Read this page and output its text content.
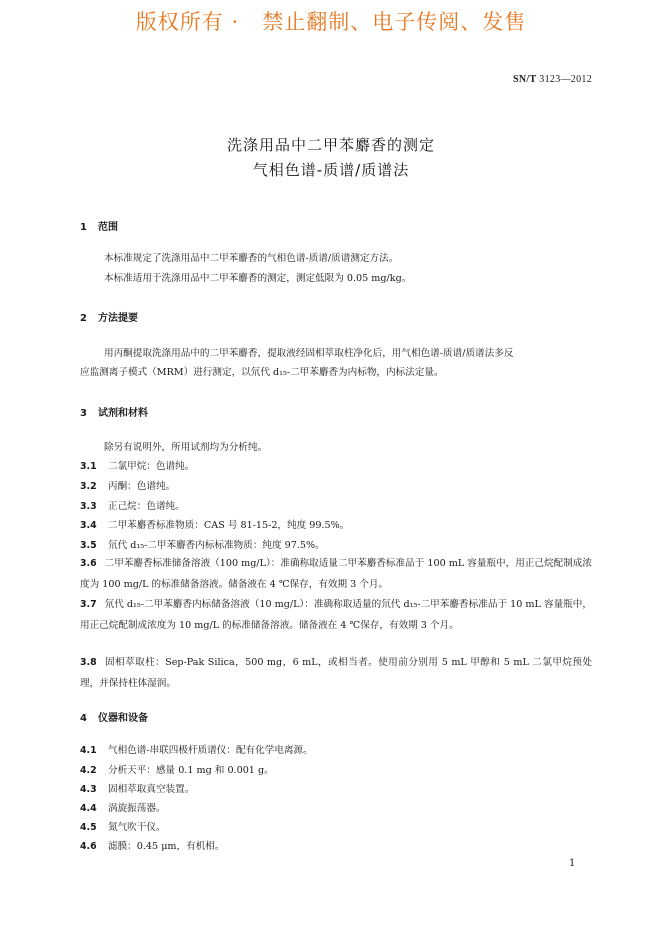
版权所有 ·   禁止翻制、电子传阅、发售
SN/T 3123—2012
洗涤用品中二甲苯麝香的测定
气相色谱-质谱/质谱法
1 范围
本标准规定了洗涤用品中二甲苯麝香的气相色谱-质谱/质谱测定方法。
本标准适用于洗涤用品中二甲苯麝香的测定，测定低限为 0.05 mg/kg。
2 方法提要
用丙酮提取洗涤用品中的二甲苯麝香，提取液经固相萃取柱净化后，用气相色谱-质谱/质谱法多反
应监测离子模式（MRM）进行测定，以氘代 d₁₅-二甲苯麝香为内标物，内标法定量。
3 试剂和材料
除另有说明外，所用试剂均为分析纯。
3.1 二氯甲烷：色谱纯。
3.2 丙酮：色谱纯。
3.3 正己烷：色谱纯。
3.4 二甲苯麝香标准物质：CAS 号 81-15-2，纯度 99.5%。
3.5 氘代 d₁₅-二甲苯麝香内标标准物质：纯度 97.5%。
3.6 二甲苯麝香标准储备溶液（100 mg/L）：准确称取适量二甲苯麝香标准品于 100 mL 容量瓶中，用正己烷配制成浓度为 100 mg/L 的标准储备溶液。储备液在 4 ℃保存，有效期 3 个月。
3.7 氘代 d₁₅-二甲苯麝香内标储备溶液（10 mg/L）：准确称取适量的氘代 d₁₅-二甲苯麝香标准品于 10 mL 容量瓶中，用正己烷配制成浓度为 10 mg/L 的标准储备溶液。储备液在 4 ℃保存，有效期 3 个月。
3.8 固相萃取柱：Sep-Pak Silica，500 mg，6 mL，或相当者。使用前分别用 5 mL 甲醇和 5 mL 二氯甲烷预处理，并保持柱体湿润。
4 仪器和设备
4.1 气相色谱-串联四极杆质谱仪：配有化学电离源。
4.2 分析天平：感量 0.1 mg 和 0.001 g。
4.3 固相萃取真空装置。
4.4 涡旋振荡器。
4.5 氮气吹干仪。
4.6 滤膜：0.45 μm，有机相。
1
